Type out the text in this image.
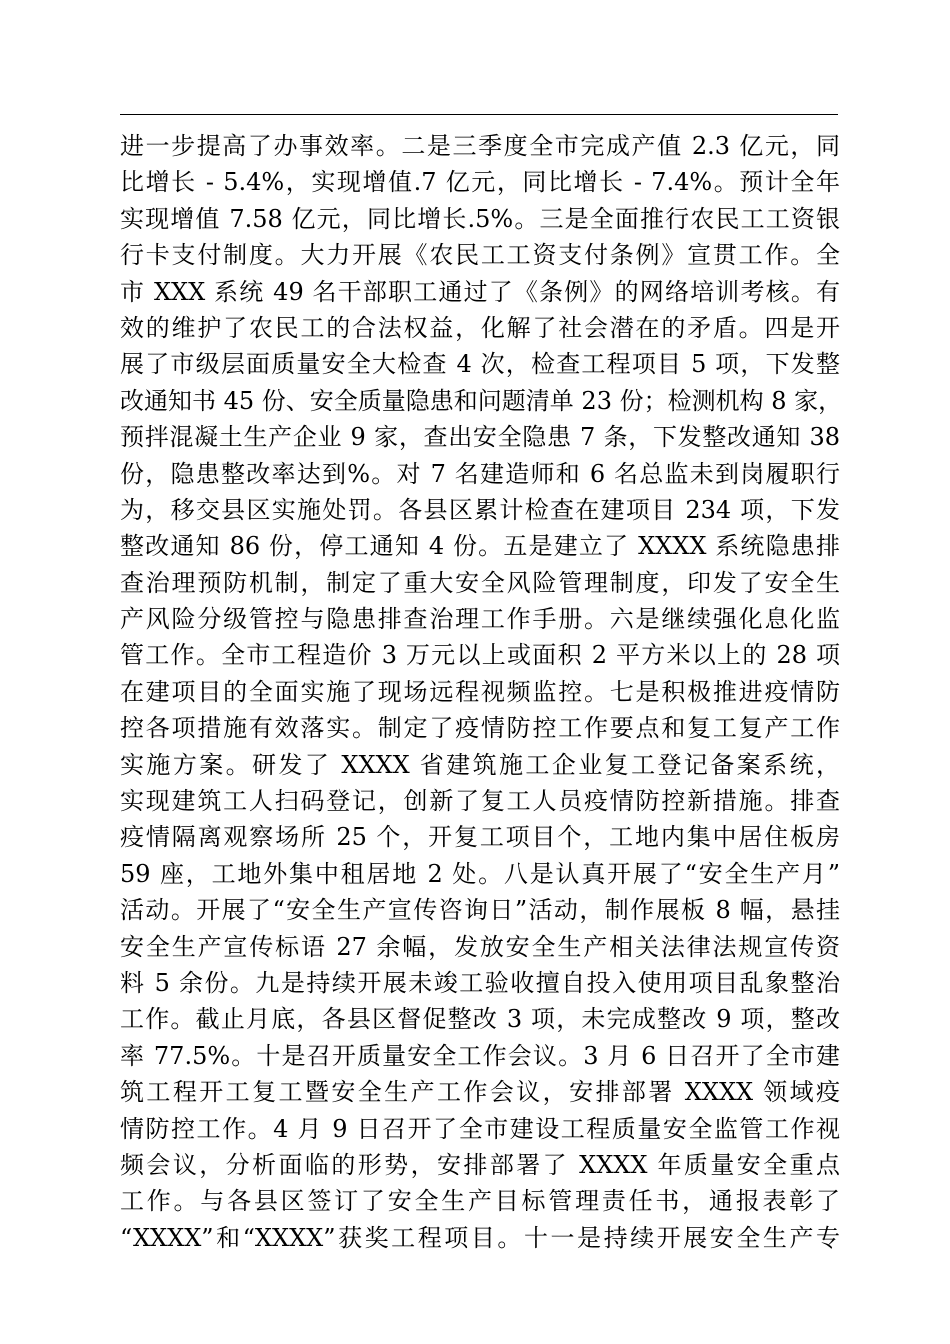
进一步提高了办事效率。二是三季度全市完成产值 2.3 亿元，同
比增长 - 5.4%，实现增值.7 亿元，同比增长 - 7.4%。预计全年
实现增值 7.58 亿元，同比增长.5%。三是全面推行农民工工资银
行卡支付制度。大力开展《农民工工资支付条例》宣贯工作。全
市 XXX 系统 49 名干部职工通过了《条例》的网络培训考核。有
效的维护了农民工的合法权益，化解了社会潜在的矛盾。四是开
展了市级层面质量安全大检查 4 次，检查工程项目 5 项，下发整
改通知书 45 份、安全质量隐患和问题清单 23 份；检测机构 8 家，
预拌混凝土生产企业 9 家，查出安全隐患 7 条，下发整改通知 38
份，隐患整改率达到%。对 7 名建造师和 6 名总监未到岗履职行
为，移交县区实施处罚。各县区累计检查在建项目 234 项，下发
整改通知 86 份，停工通知 4 份。五是建立了 XXXX 系统隐患排
查治理预防机制，制定了重大安全风险管理制度，印发了安全生
产风险分级管控与隐患排查治理工作手册。六是继续强化息化监
管工作。全市工程造价 3 万元以上或面积 2 平方米以上的 28 项
在建项目的全面实施了现场远程视频监控。七是积极推进疫情防
控各项措施有效落实。制定了疫情防控工作要点和复工复产工作
实施方案。研发了 XXXX 省建筑施工企业复工登记备案系统，
实现建筑工人扫码登记，创新了复工人员疫情防控新措施。排查
疫情隔离观察场所 25 个，开复工项目个，工地内集中居住板房
59 座，工地外集中租居地 2 处。八是认真开展了“安全生产月”
活动。开展了“安全生产宣传咨询日”活动，制作展板 8 幅，悬挂
安全生产宣传标语 27 余幅，发放安全生产相关法律法规宣传资
料 5 余份。九是持续开展未竣工验收擅自投入使用项目乱象整治
工作。截止月底，各县区督促整改 3 项，未完成整改 9 项，整改
率 77.5%。十是召开质量安全工作会议。3 月 6 日召开了全市建
筑工程开工复工暨安全生产工作会议，安排部署 XXXX 领域疫
情防控工作。4 月 9 日召开了全市建设工程质量安全监管工作视
频会议，分析面临的形势，安排部署了 XXXX 年质量安全重点
工作。与各县区签订了安全生产目标管理责任书，通报表彰了
“XXXX”和“XXXX”获奖工程项目。十一是持续开展安全生产专
